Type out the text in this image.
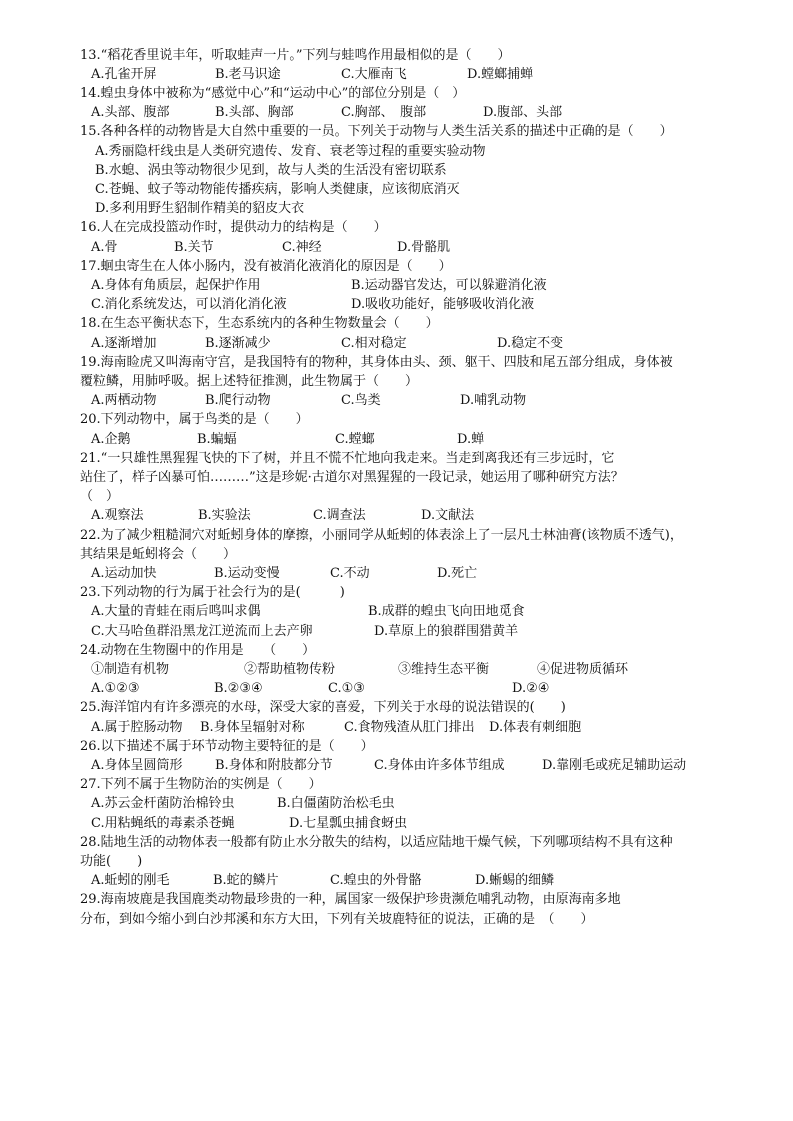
13.“稻花香里说丰年，听取蛙声一片。”下列与蛙鸣作用最相似的是（　　）
A.孔雀开屏	B.老马识途	C.大雁南飞	D.螳螂捕蝉
14.蝗虫身体中被称为“感觉中心”和“运动中心”的部位分别是（　）
A.头部、腹部	B.头部、胸部	C.胸部、　腹部	D.腹部、头部
15.各种各样的动物皆是大自然中重要的一员。下列关于动物与人类生活关系的描述中正确的是（　　）
A.秀丽隐杆线虫是人类研究遗传、发育、衰老等过程的重要实验动物
B.水螅、涡虫等动物很少见到，故与人类的生活没有密切联系
C.苍蝇、蚊子等动物能传播疾病，影响人类健康，应该彻底消灭
D.多利用野生貂制作精美的貂皮大衣
16.人在完成投篮动作时，提供动力的结构是（　　）
A.骨	B.关节	C.神经	D.骨骼肌
17.蛔虫寄生在人体小肠内，没有被消化液消化的原因是（　　）
A.身体有角质层，起保护作用	B.运动器官发达，可以躲避消化液
C.消化系统发达，可以消化消化液	D.吸收功能好，能够吸收消化液
18.在生态平衡状态下，生态系统内的各种生物数量会（　　）
A.逐渐增加	B.逐渐减少	C.相对稳定	D.稳定不变
19.海南睑虎又叫海南守宫，是我国特有的物种，其身体由头、颈、躯干、四肢和尾五部分组成，身体被
覆粒鳞，用肺呼吸。据上述特征推测，此生物属于（　　）
A.两栖动物	B.爬行动物	C.鸟类	D.哺乳动物
20.下列动物中，属于鸟类的是（　　）
A.企鹅	B.蝙蝠	C.螳螂	D.蝉
21.“一只雄性黑猩猩飞快的下了树，并且不慌不忙地向我走来。当走到离我还有三步远时，它
站住了，样子凶暴可怕………”这是珍妮·古道尔对黑猩猩的一段记录，她运用了哪种研究方法？
（　）
A.观察法	B.实验法	C.调查法	D.文献法
22.为了减少粗糙洞穴对蚯蚓身体的摩擦，小丽同学从蚯蚓的体表涂上了一层凡士林油膏(该物质不透气)，
其结果是蚯蚓将会（　　）
A.运动加快	B.运动变慢	C.不动	D.死亡
23.下列动物的行为属于社会行为的是(　　　)
A.大量的青蛙在雨后鸣叫求偶	B.成群的蝗虫飞向田地觅食
C.大马哈鱼群沿黑龙江逆流而上去产卵	D.草原上的狼群围猎黄羊
24.动物在生物圈中的作用是　　（　　）
①制造有机物	②帮助植物传粉	③维持生态平衡	④促进物质循环
A.①②③	B.②③④	C.①③	D.②④
25.海洋馆内有许多漂亮的水母，深受大家的喜爱，下列关于水母的说法错误的(　　)
A.属于腔肠动物 B.身体呈辐射对称	C.食物残渣从肛门排出 D.体表有刺细胞
26.以下描述不属于环节动物主要特征的是（　　）
A.身体呈圆筒形 B.身体和附肢都分节	C.身体由许多体节组成	D.靠刚毛或疣足辅助运动
27.下列不属于生物防治的实例是（　　）
A.苏云金杆菌防治棉铃虫	B.白僵菌防治松毛虫
C.用粘蝇纸的毒素杀苍蝇	D.七星瓢虫捕食蚜虫
28.陆地生活的动物体表一般都有防止水分散失的结构，以适应陆地干燥气候，下列哪项结构不具有这种
功能(　　)
A.蚯蚓的刚毛	B.蛇的鳞片	C.蝗虫的外骨骼	D.蜥蜴的细鳞
29.海南坡鹿是我国鹿类动物最珍贵的一种，属国家一级保护珍贵濒危哺乳动物，由原海南多地
分布，到如今缩小到白沙邦溪和东方大田，下列有关坡鹿特征的说法，正确的是　（　　）
